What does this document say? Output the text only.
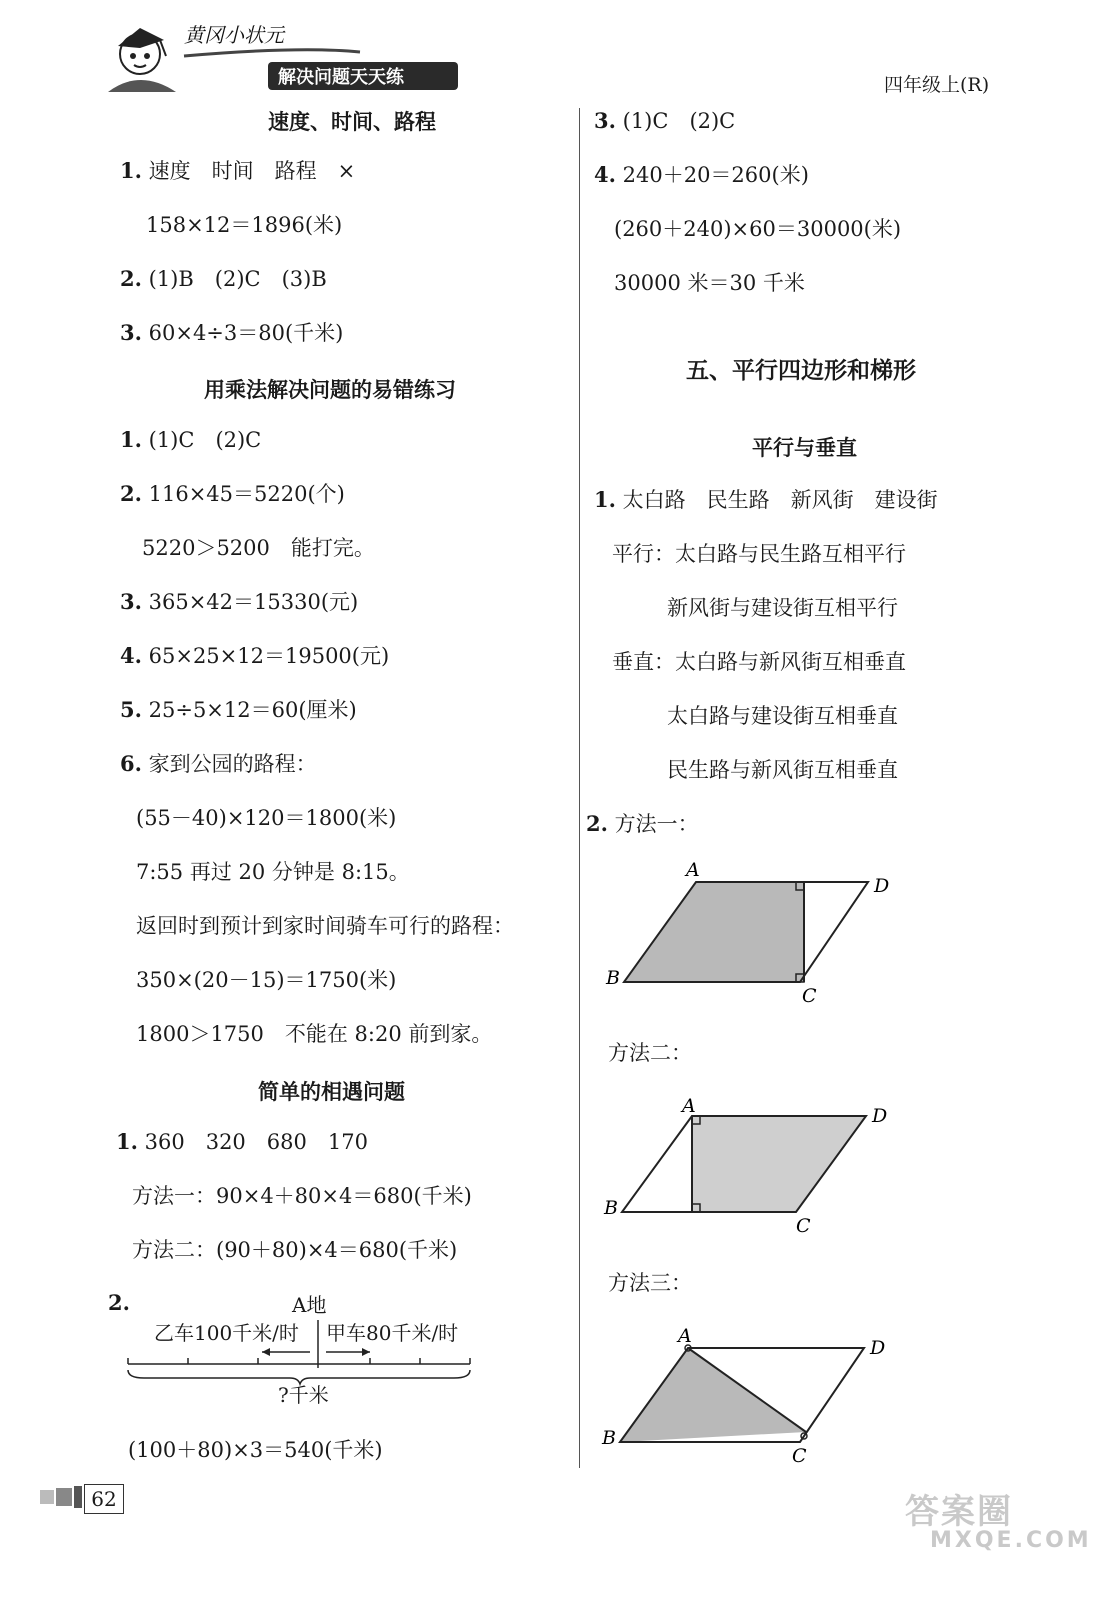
黄冈小状元
解决问题天天练	四年级上(R)
速度、时间、路程
1. 速度　时间　路程　×
158×12＝1896(米)
2. (1)B　(2)C　(3)B
3. 60×4÷3＝80(千米)
用乘法解决问题的易错练习
1. (1)C　(2)C
2. 116×45＝5220(个)
5220＞5200　能打完。
3. 365×42＝15330(元)
4. 65×25×12＝19500(元)
5. 25÷5×12＝60(厘米)
6. 家到公园的路程：
(55－40)×120＝1800(米)
7:55 再过 20 分钟是 8:15。
返回时到预计到家时间骑车可行的路程：
350×(20－15)＝1750(米)
1800＞1750　不能在 8:20 前到家。
简单的相遇问题
1. 360　320　680　170
方法一：90×4＋80×4＝680(千米)
方法二：(90＋80)×4＝680(千米)
2.	A地
乙车100千米/时 甲车80千米/时
?千米
(100＋80)×3＝540(千米)
3. (1)C　(2)C
4. 240＋20＝260(米)
(260＋240)×60＝30000(米)
30000 米＝30 千米
五、平行四边形和梯形
平行与垂直
1. 太白路　民生路　新风街　建设街
平行：太白路与民生路互相平行
新风街与建设街互相平行
垂直：太白路与新风街互相垂直
太白路与建设街互相垂直
民生路与新风街互相垂直
2. 方法一：
A
D
B
C
方法二：
A	D
B
C
方法三：
A
D
B
C
62	答案圈
MXQE.COM
